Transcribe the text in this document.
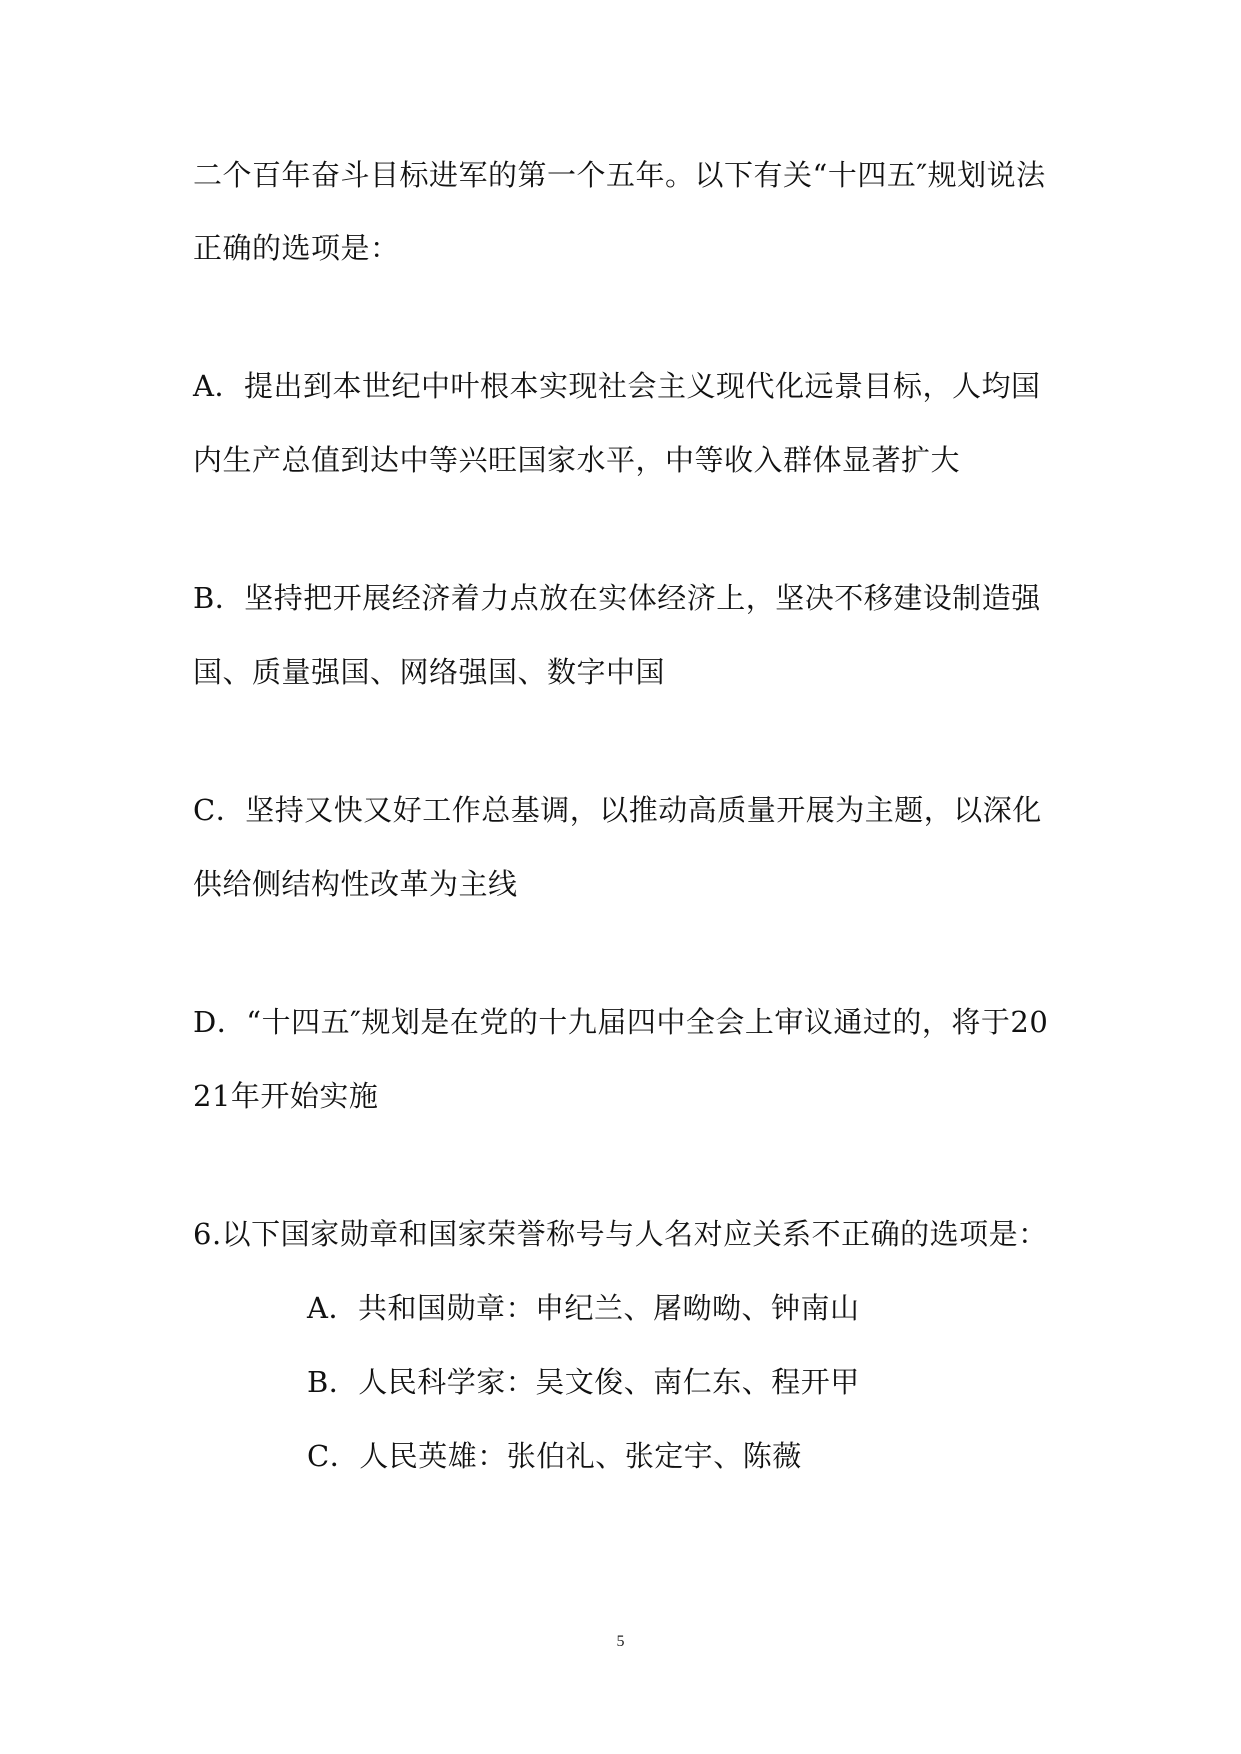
二个百年奋斗目标进军的第一个五年。以下有关“十四五″规划说法
正确的选项是：
A．提出到本世纪中叶根本实现社会主义现代化远景目标，人均国
内生产总值到达中等兴旺国家水平，中等收入群体显著扩大
B．坚持把开展经济着力点放在实体经济上，坚决不移建设制造强
国、质量强国、网络强国、数字中国
C．坚持又快又好工作总基调，以推动高质量开展为主题，以深化
供给侧结构性改革为主线
D．“十四五″规划是在党的十九届四中全会上审议通过的，将于20
21年开始实施
6.以下国家勋章和国家荣誉称号与人名对应关系不正确的选项是：
A．共和国勋章：申纪兰、屠呦呦、钟南山
B．人民科学家：吴文俊、南仁东、程开甲
C．人民英雄：张伯礼、张定宇、陈薇
5
